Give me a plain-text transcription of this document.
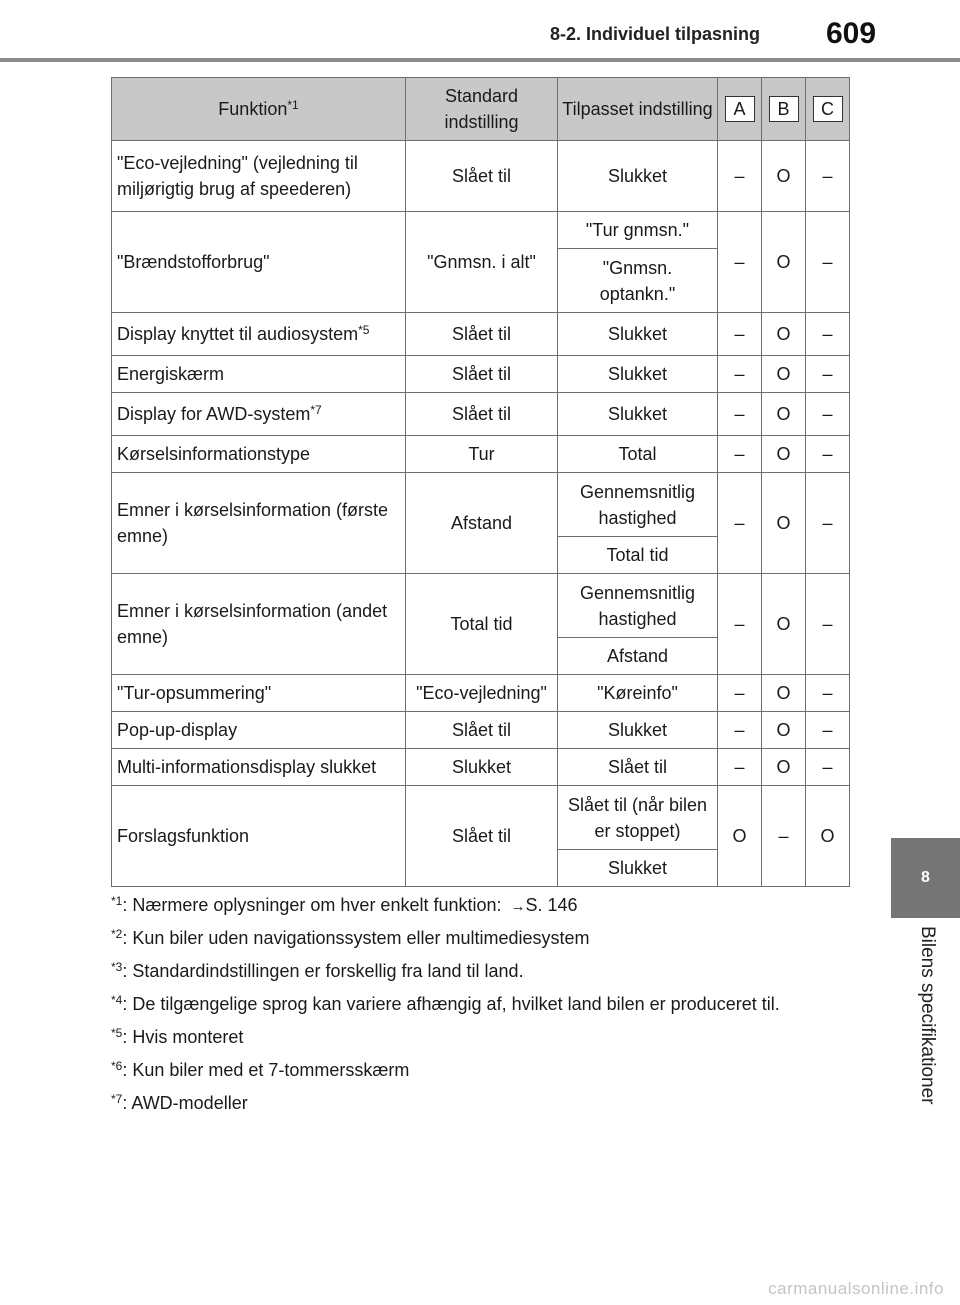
8-2. Individuel tilpasning 609
8
Bilens specifikationer
Funktion$^{*1}$	Standard indstilling	Tilpasset indstilling	A	B	C
"Eco-vejledning" (vejledning til miljørigtig brug af speederen)	Slået til	Slukket	–	O	–
"Brændstofforbrug"	"Gnmsn. i alt"	"Tur gnmsn."	–	O	–
		"Gnmsn. optankn."			
Display knyttet til audiosystem$^{*5}$	Slået til	Slukket	–	O	–
Energiskærm	Slået til	Slukket	–	O	–
Display for AWD-system$^{*7}$	Slået til	Slukket	–	O	–
Kørselsinformationstype	Tur	Total	–	O	–
Emner i kørselsinformation (første emne)	Afstand	Gennemsnitlig hastighed	–	O	–
		Total tid			
Emner i kørselsinformation (andet emne)	Total tid	Gennemsnitlig hastighed	–	O	–
		Afstand			
"Tur-opsummering"	"Eco-vejledning"	"Køreinfo"	–	O	–
Pop-up-display	Slået til	Slukket	–	O	–
Multi-informationsdisplay slukket	Slukket	Slået til	–	O	–
Forslagsfunktion	Slået til	Slået til (når bilen er stoppet)	O	–	O
		Slukket			
$^{*1}$: Nærmere oplysninger om hver enkelt funktion: →S. 146
$^{*2}$: Kun biler uden navigationssystem eller multimediesystem
$^{*3}$: Standardindstillingen er forskellig fra land til land.
$^{*4}$: De tilgængelige sprog kan variere afhængig af, hvilket land bilen er produceret til.
$^{*5}$: Hvis monteret
$^{*6}$: Kun biler med et 7-tommersskærm
$^{*7}$: AWD-modeller
carmanualsonline.info
